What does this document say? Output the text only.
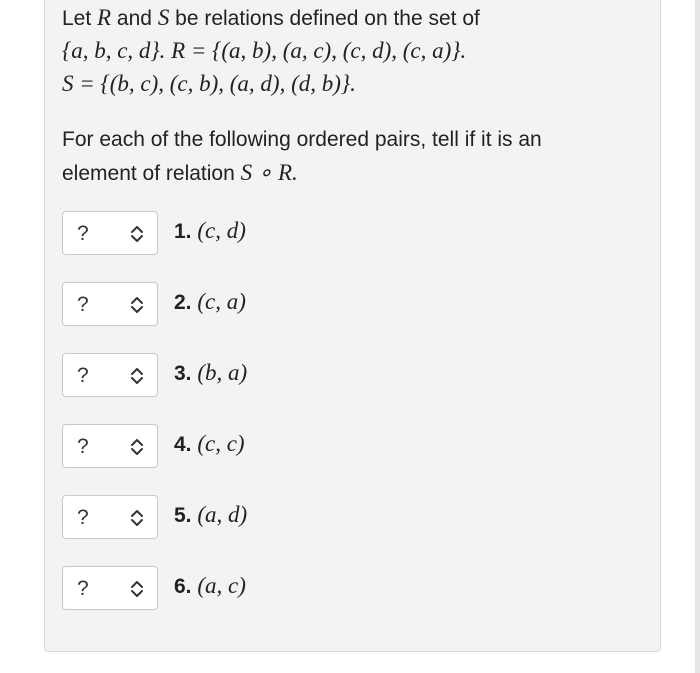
Let R and S be relations defined on the set of
{a, b, c, d}. R = {(a, b), (a, c), (c, d), (c, a)}.
S = {(b, c), (c, b), (a, d), (d, b)}.
For each of the following ordered pairs, tell if it is an
element of relation S ∘ R.
?	1. (c, d)
?	2. (c, a)
?	3. (b, a)
?	4. (c, c)
?	5. (a, d)
?	6. (a, c)
